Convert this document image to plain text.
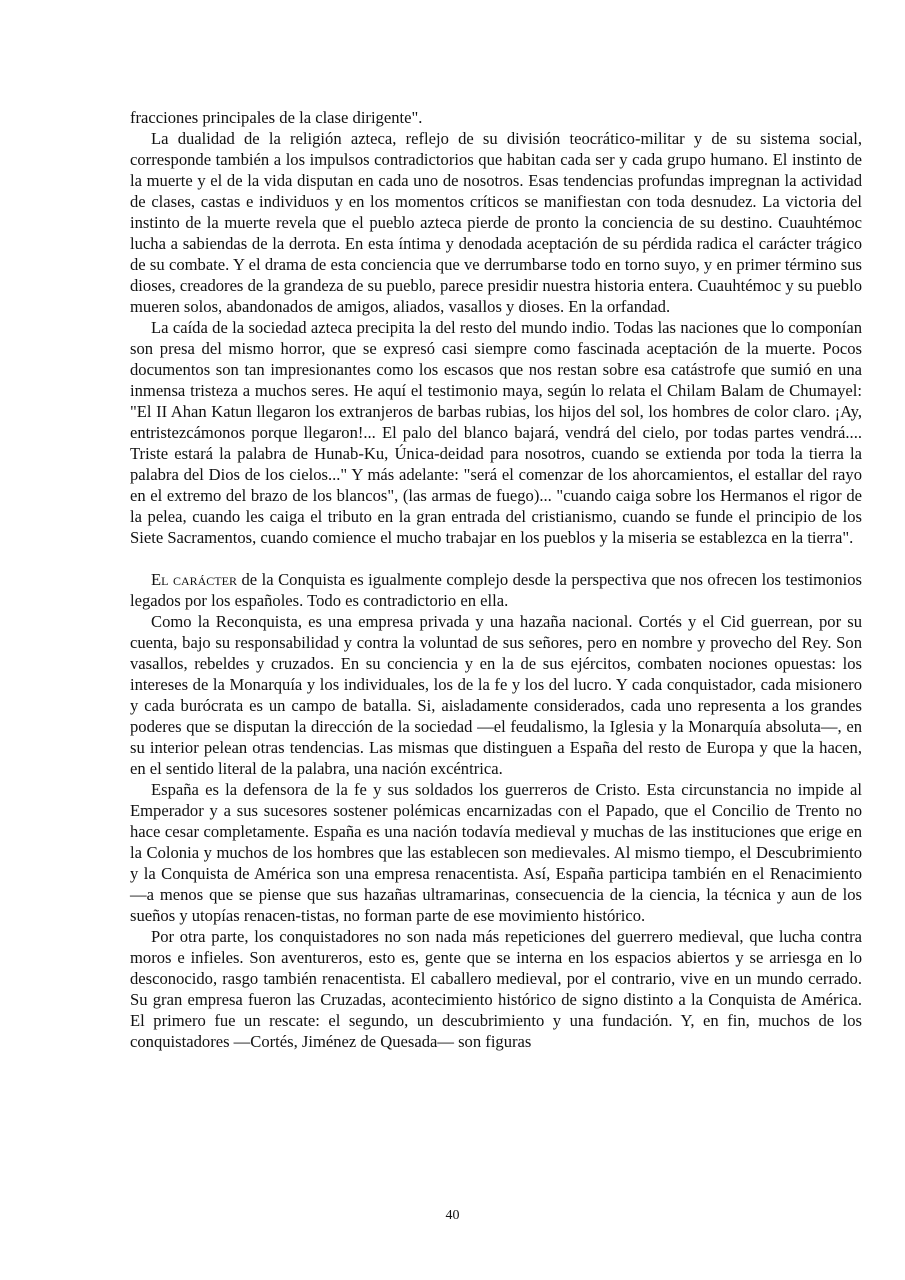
fracciones principales de la clase dirigente".

La dualidad de la religión azteca, reflejo de su división teocrático-militar y de su sistema social, corresponde también a los impulsos contradictorios que habitan cada ser y cada grupo humano. El instinto de la muerte y el de la vida disputan en cada uno de nosotros. Esas tendencias profundas impregnan la actividad de clases, castas e individuos y en los momentos críticos se manifiestan con toda desnudez. La victoria del instinto de la muerte revela que el pueblo azteca pierde de pronto la conciencia de su destino. Cuauhtémoc lucha a sabiendas de la derrota. En esta íntima y denodada aceptación de su pérdida radica el carácter trágico de su combate. Y el drama de esta conciencia que ve derrumbarse todo en torno suyo, y en primer término sus dioses, creadores de la grandeza de su pueblo, parece presidir nuestra historia entera. Cuauhtémoc y su pueblo mueren solos, abandonados de amigos, aliados, vasallos y dioses. En la orfandad.

La caída de la sociedad azteca precipita la del resto del mundo indio. Todas las naciones que lo componían son presa del mismo horror, que se expresó casi siempre como fascinada aceptación de la muerte. Pocos documentos son tan impresionantes como los escasos que nos restan sobre esa catástrofe que sumió en una inmensa tristeza a muchos seres. He aquí el testimonio maya, según lo relata el Chilam Balam de Chumayel: "El II Ahan Katun llegaron los extranjeros de barbas rubias, los hijos del sol, los hombres de color claro. ¡Ay, entristezcámonos porque llegaron!... El palo del blanco bajará, vendrá del cielo, por todas partes vendrá.... Triste estará la palabra de Hunab-Ku, Única-deidad para nosotros, cuando se extienda por toda la tierra la palabra del Dios de los cielos..." Y más adelante: "será el comenzar de los ahorcamientos, el estallar del rayo en el extremo del brazo de los blancos", (las armas de fuego)... "cuando caiga sobre los Hermanos el rigor de la pelea, cuando les caiga el tributo en la gran entrada del cristianismo, cuando se funde el principio de los Siete Sacramentos, cuando comience el mucho trabajar en los pueblos y la miseria se establezca en la tierra".

El carácter de la Conquista es igualmente complejo desde la perspectiva que nos ofrecen los testimonios legados por los españoles. Todo es contradictorio en ella.

Como la Reconquista, es una empresa privada y una hazaña nacional. Cortés y el Cid guerrean, por su cuenta, bajo su responsabilidad y contra la voluntad de sus señores, pero en nombre y provecho del Rey. Son vasallos, rebeldes y cruzados. En su conciencia y en la de sus ejércitos, combaten nociones opuestas: los intereses de la Monarquía y los individuales, los de la fe y los del lucro. Y cada conquistador, cada misionero y cada burócrata es un campo de batalla. Si, aisladamente considerados, cada uno representa a los grandes poderes que se disputan la dirección de la sociedad —el feudalismo, la Iglesia y la Monarquía absoluta—, en su interior pelean otras tendencias. Las mismas que distinguen a España del resto de Europa y que la hacen, en el sentido literal de la palabra, una nación excéntrica.

España es la defensora de la fe y sus soldados los guerreros de Cristo. Esta circunstancia no impide al Emperador y a sus sucesores sostener polémicas encarnizadas con el Papado, que el Concilio de Trento no hace cesar completamente. España es una nación todavía medieval y muchas de las instituciones que erige en la Colonia y muchos de los hombres que las establecen son medievales. Al mismo tiempo, el Descubrimiento y la Conquista de América son una empresa renacentista. Así, España participa también en el Renacimiento —a menos que se piense que sus hazañas ultramarinas, consecuencia de la ciencia, la técnica y aun de los sueños y utopías renacen-tistas, no forman parte de ese movimiento histórico.

Por otra parte, los conquistadores no son nada más repeticiones del guerrero medieval, que lucha contra moros e infieles. Son aventureros, esto es, gente que se interna en los espacios abiertos y se arriesga en lo desconocido, rasgo también renacentista. El caballero medieval, por el contrario, vive en un mundo cerrado. Su gran empresa fueron las Cruzadas, acontecimiento histórico de signo distinto a la Conquista de América. El primero fue un rescate: el segundo, un descubrimiento y una fundación. Y, en fin, muchos de los conquistadores —Cortés, Jiménez de Quesada— son figuras

40
